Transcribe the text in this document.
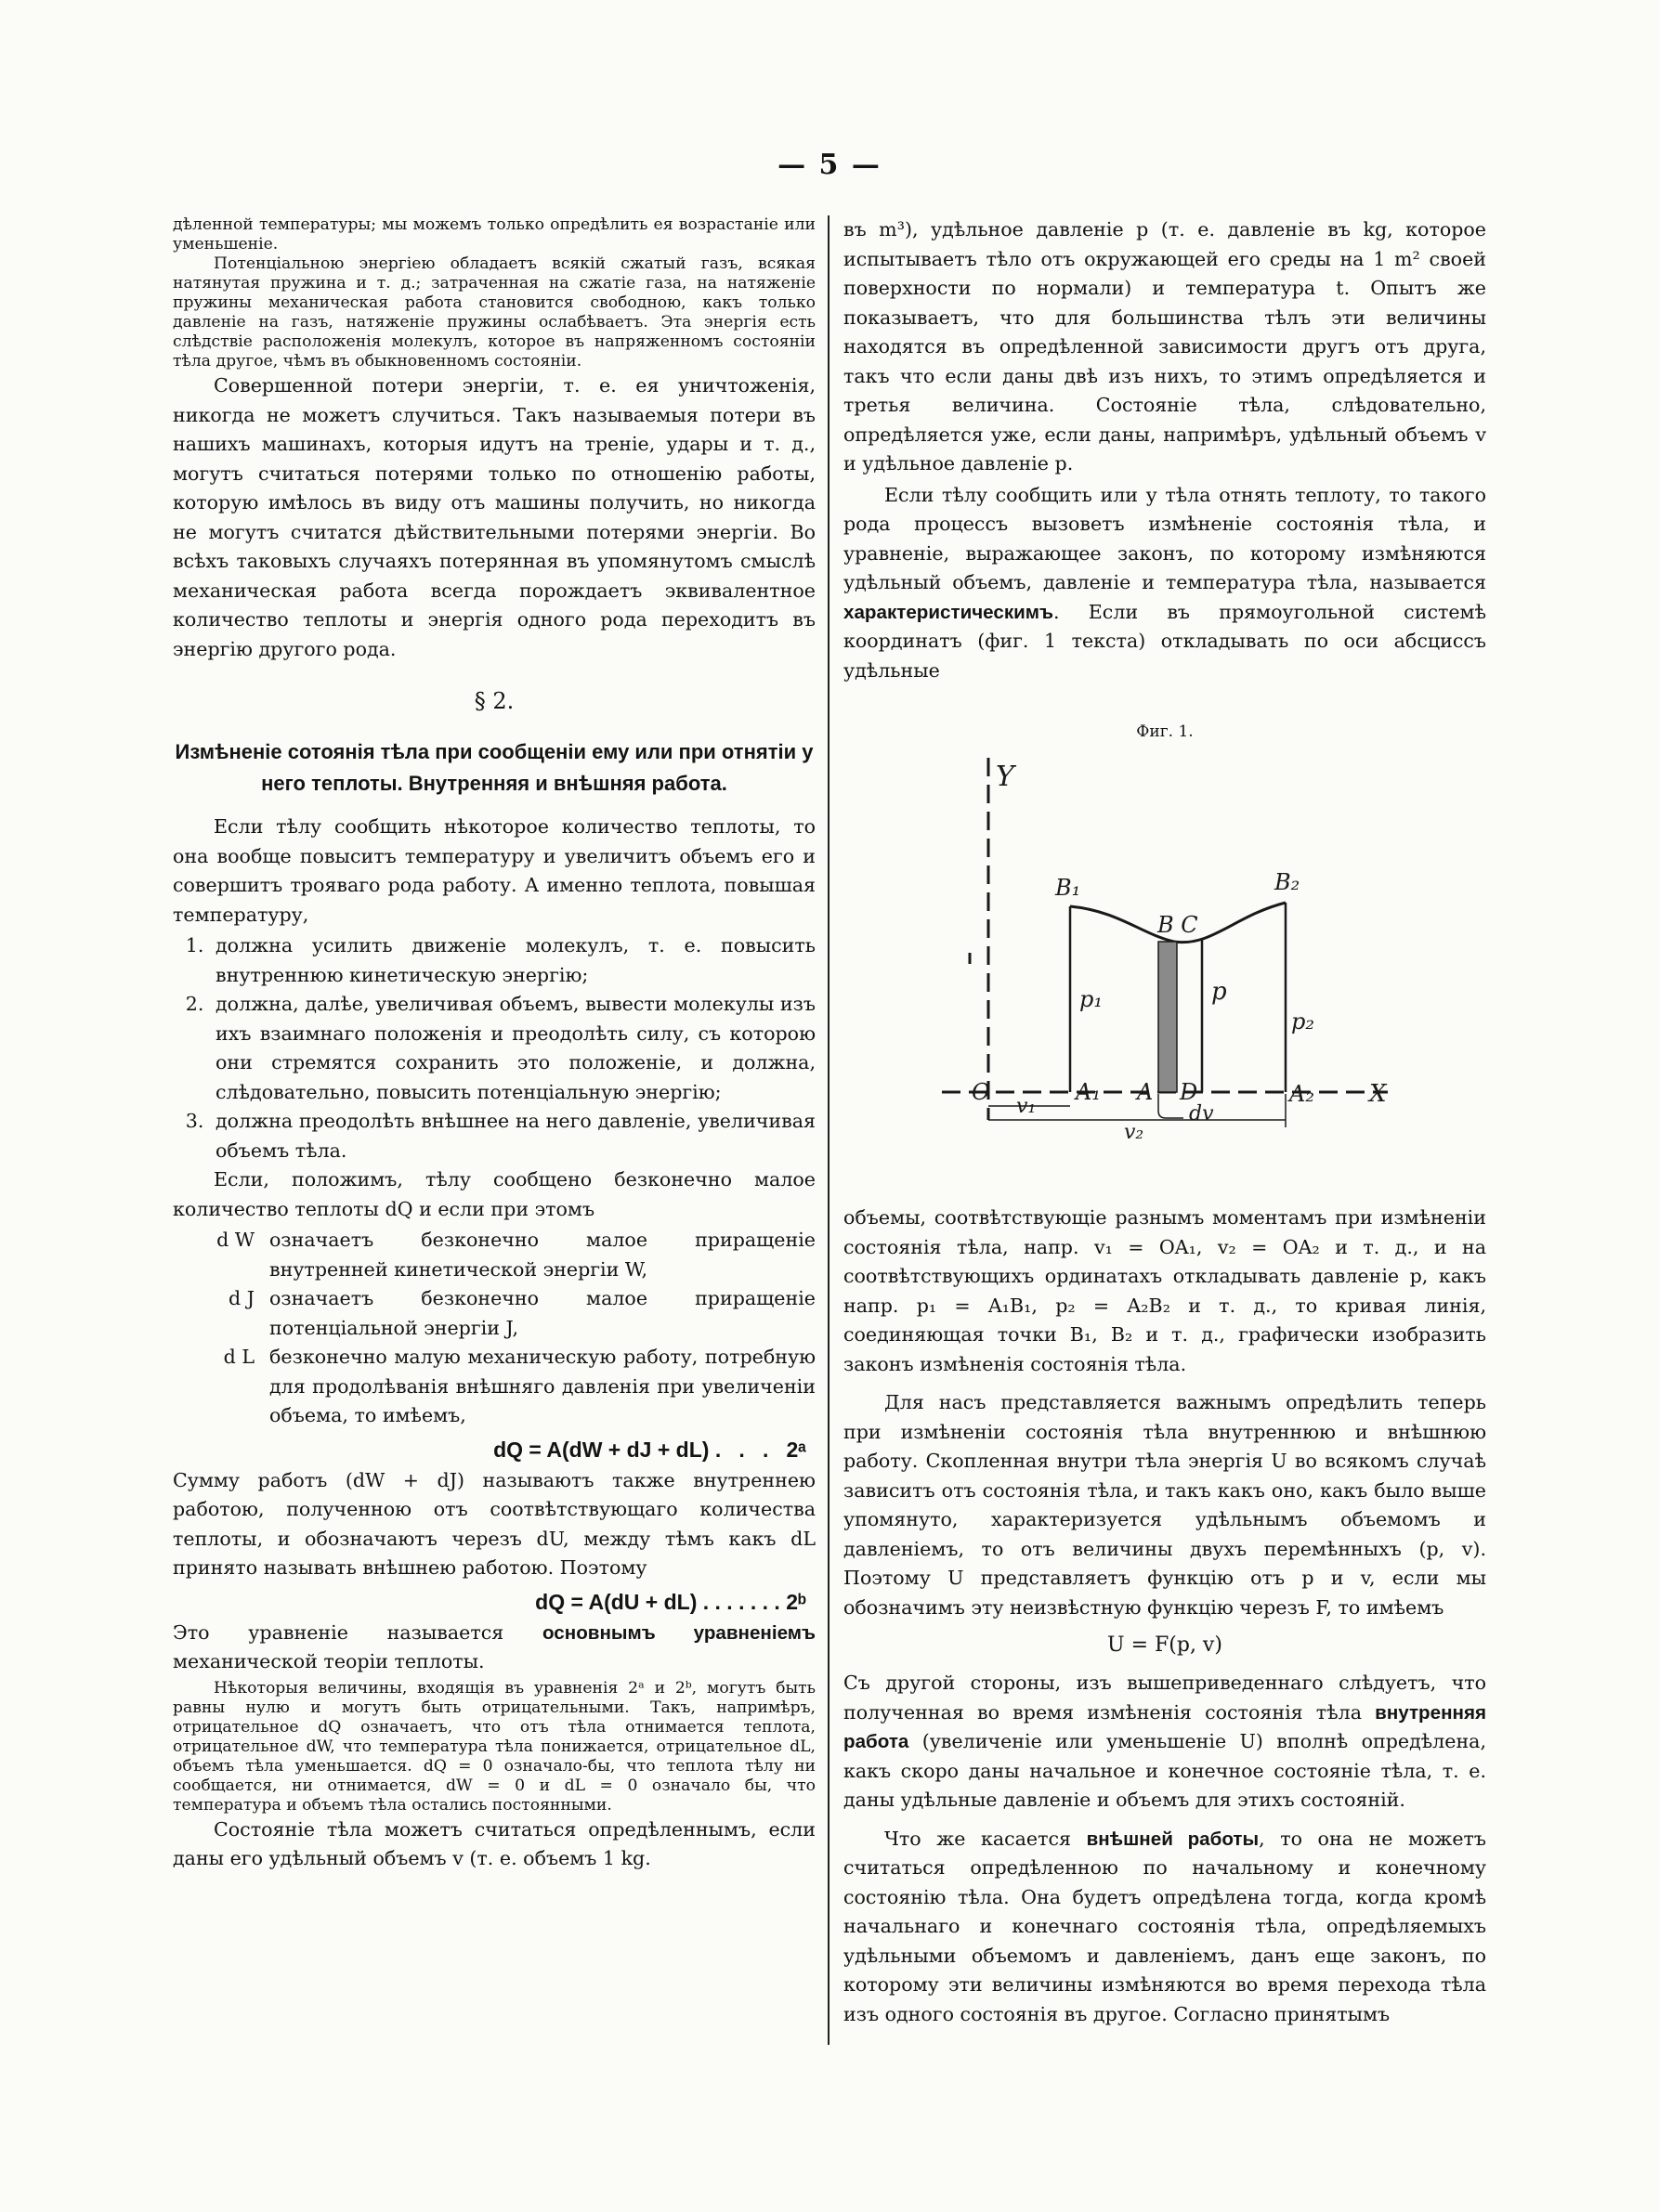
— 5 —

дѣленной температуры; мы можемъ только опредѣлить ея возрастаніе или уменьшеніе.

Потенціальною энергіею обладаетъ всякій сжатый газъ, всякая натянутая пружина и т. д.; затраченная на сжатіе газа, на натяженіе пружины механическая работа становится свободною, какъ только давленіе на газъ, натяженіе пружины ослабѣваетъ. Эта энергія есть слѣдствіе расположенія молекулъ, которое въ напряженномъ состояніи тѣла другое, чѣмъ въ обыкновенномъ состояніи.

Совершенной потери энергіи, т. е. ея уничтоженія, никогда не можетъ случиться. Такъ называемыя потери въ нашихъ машинахъ, которыя идутъ на треніе, удары и т. д., могутъ считаться потерями только по отношенію работы, которую имѣлось въ виду отъ машины получить, но никогда не могутъ считатся дѣйствительными потерями энергіи. Во всѣхъ таковыхъ случаяхъ потерянная въ упомянутомъ смыслѣ механическая работа всегда порождаетъ эквивалентное количество теплоты и энергія одного рода переходитъ въ энергію другого рода.

§ 2.
Измѣненіе сотоянія тѣла при сообщеніи ему или при отнятіи у него теплоты. Внутренняя и внѣшняя работа.

Если тѣлу сообщить нѣкоторое количество теплоты, то она вообще повыситъ температуру и увеличитъ объемъ его и совершитъ трояваго рода работу. А именно теплота, повышая температуру,

1. должна усилить движеніе молекулъ, т. е. повысить внутреннюю кинетическую энергію;
2. должна, далѣе, увеличивая объемъ, вывести молекулы изъ ихъ взаимнаго положенія и преодолѣть силу, съ которою они стремятся сохранить это положеніе, и должна, слѣдовательно, повысить потенціальную энергію;
3. должна преодолѣть внѣшнее на него давленіе, увеличивая объемъ тѣла.

Если, положимъ, тѣлу сообщено безконечно малое количество теплоты dQ и если при этомъ

d W означаетъ безконечно малое приращеніе внутренней кинетической энергіи W,
d J означаетъ безконечно малое приращеніе потенціальной энергіи J,
d L безконечно малую механическую работу, потребную для продолѣванія внѣшняго давленія при увеличеніи объема, то имѣемъ,
dQ = A(dW + dJ + dL) .   .   .   2ᵃ

Сумму работъ (dW + dJ) называютъ также внутреннею работою, полученною отъ соотвѣтствующаго количества теплоты, и обозначаютъ черезъ dU, между тѣмъ какъ dL принято называть внѣшнею работою. Поэтому

dQ = A(dU + dL) . . . . . . . 2ᵇ

Это уравненіе называется основнымъ уравненіемъ механической теоріи теплоты.

Нѣкоторыя величины, входящія въ уравненія 2ᵃ и 2ᵇ, могутъ быть равны нулю и могутъ быть отрицательными. Такъ, напримѣръ, отрицательное dQ означаетъ, что отъ тѣла отнимается теплота, отрицательное dW, что температура тѣла понижается, отрицательное dL, объемъ тѣла уменьшается. dQ = 0 означало-бы, что теплота тѣлу ни сообщается, ни отнимается, dW = 0 и dL = 0 означало бы, что температура и объемъ тѣла остались постоянными.

Состояніе тѣла можетъ считаться опредѣленнымъ, если даны его удѣльный объемъ v (т. е. объемъ 1 kg.

въ m³), удѣльное давленіе p (т. е. давленіе въ kg, которое испытываетъ тѣло отъ окружающей его среды на 1 m² своей поверхности по нормали) и температура t. Опытъ же показываетъ, что для большинства тѣлъ эти величины находятся въ опредѣленной зависимости другъ отъ друга, такъ что если даны двѣ изъ нихъ, то этимъ опредѣляется и третья величина. Состояніе тѣла, слѣдовательно, опредѣляется уже, если даны, напримѣръ, удѣльный объемъ v и удѣльное давленіе p.

Если тѣлу сообщить или у тѣла отнять теплоту, то такого рода процессъ вызоветъ измѣненіе состоянія тѣла, и уравненіе, выражающее законъ, по которому измѣняются удѣльный объемъ, давленіе и температура тѣла, называется характеристическимъ. Если въ прямоугольной системѣ координатъ (фиг. 1 текста) откладывать по оси абсциссъ удѣльные

Фиг. 1.
Y
B₁
B C
B₂
p₁	p
p₂
O	A₁ A D	A₂ X
v₁	dv
v₂

объемы, соотвѣтствующіе разнымъ моментамъ при измѣненіи состоянія тѣла, напр. v₁ = OA₁, v₂ = OA₂ и т. д., и на соотвѣтствующихъ ординатахъ откладывать давленіе p, какъ напр. p₁ = A₁B₁, p₂ = A₂B₂ и т. д., то кривая линія, соединяющая точки B₁, B₂ и т. д., графически изобразить законъ измѣненія состоянія тѣла.

Для насъ представляется важнымъ опредѣлить теперь при измѣненіи состоянія тѣла внутреннюю и внѣшнюю работу. Скопленная внутри тѣла энергія U во всякомъ случаѣ зависитъ отъ состоянія тѣла, и такъ какъ оно, какъ было выше упомянуто, характеризуется удѣльнымъ объемомъ и давленіемъ, то отъ величины двухъ перемѣнныхъ (p, v). Поэтому U представляетъ функцію отъ p и v, если мы обозначимъ эту неизвѣстную функцію черезъ F, то имѣемъ

U = F(p, v)

Съ другой стороны, изъ вышеприведеннаго слѣдуетъ, что полученная во время измѣненія состоянія тѣла внутренняя работа (увеличеніе или уменьшеніе U) вполнѣ опредѣлена, какъ скоро даны начальное и конечное состояніе тѣла, т. е. даны удѣльные давленіе и объемъ для этихъ состояній.

Что же касается внѣшней работы, то она не можетъ считаться опредѣленною по начальному и конечному состоянію тѣла. Она будетъ опредѣлена тогда, когда кромѣ начальнаго и конечнаго состоянія тѣла, опредѣляемыхъ удѣльными объемомъ и давленіемъ, данъ еще законъ, по которому эти величины измѣняются во время перехода тѣла изъ одного состоянія въ другое. Согласно принятымъ
